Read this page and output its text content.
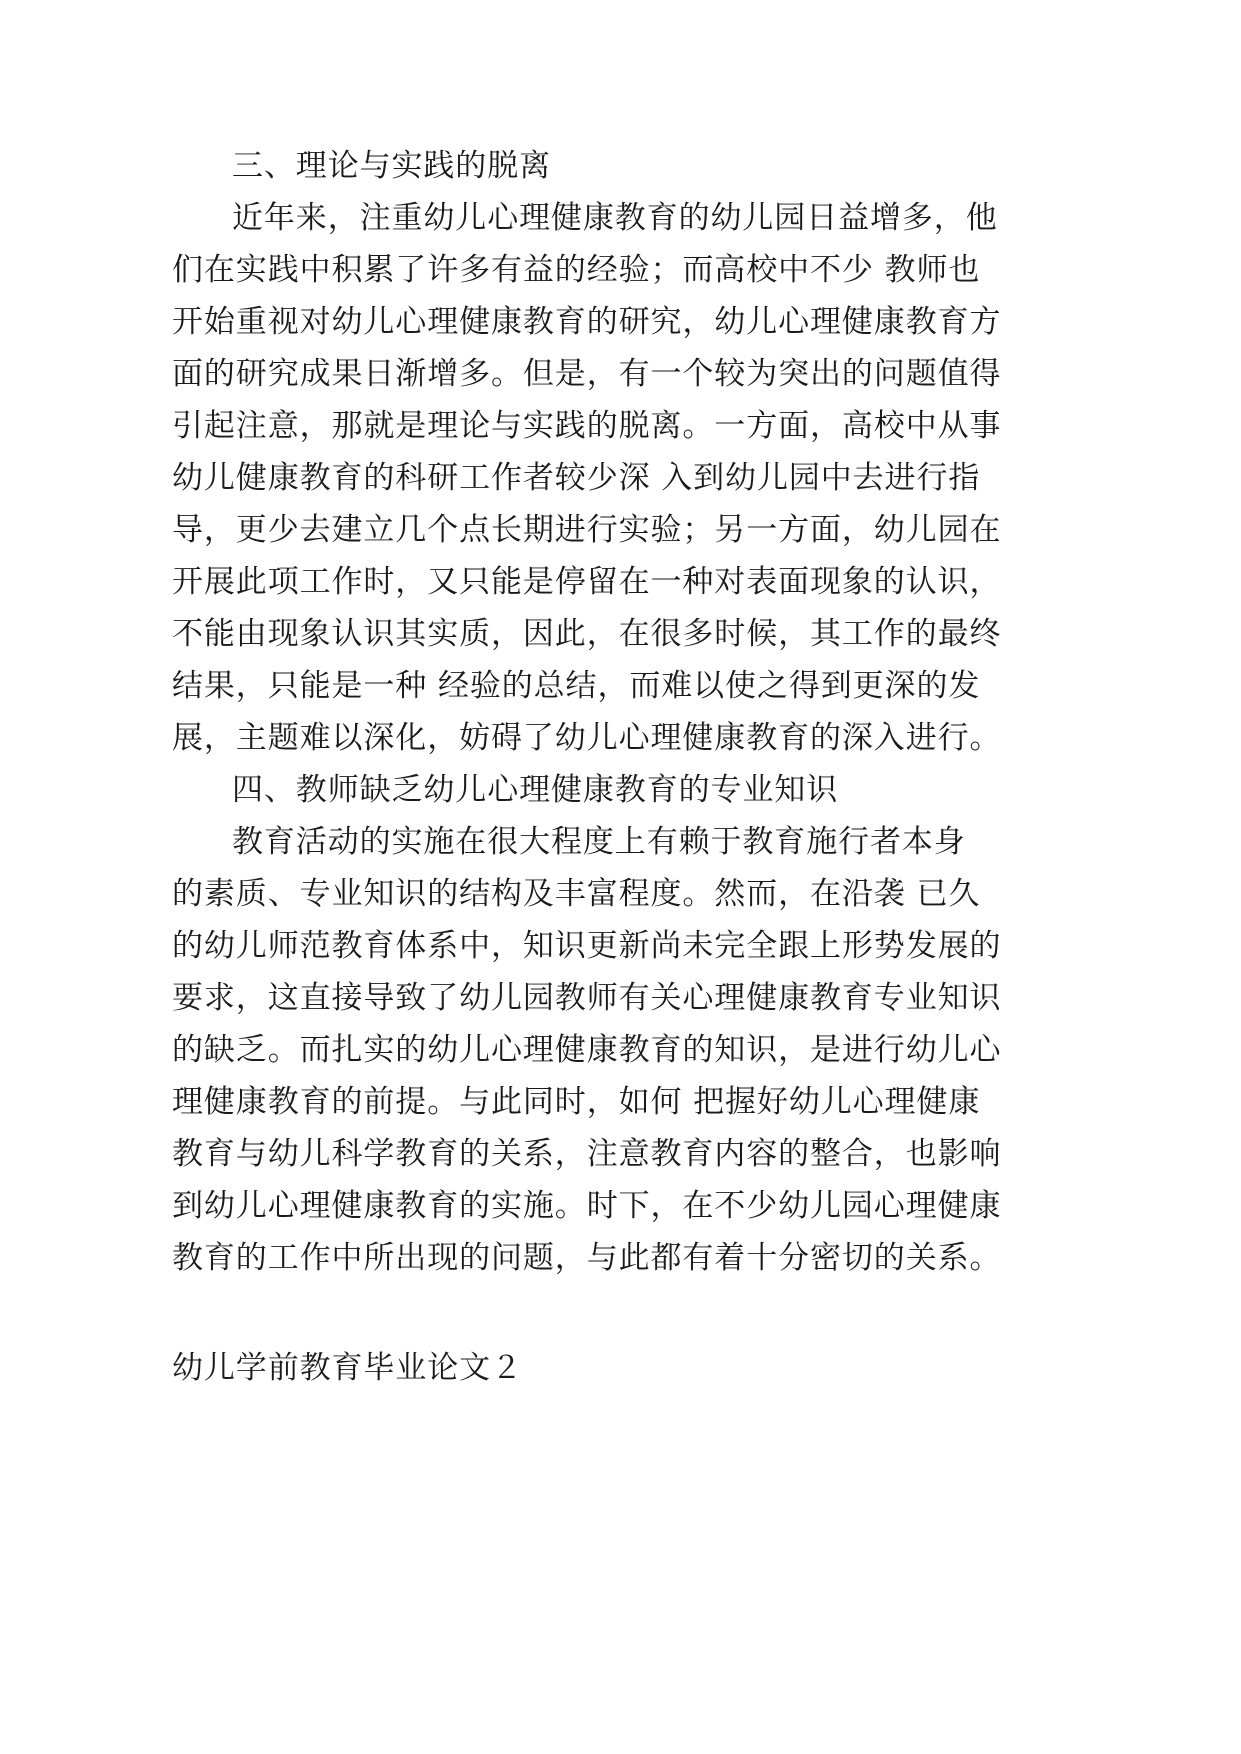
三、理论与实践的脱离

近年来，注重幼儿心理健康教育的幼儿园日益增多，他

们在实践中积累了许多有益的经验；而高校中不少 教师也

开始重视对幼儿心理健康教育的研究，幼儿心理健康教育方

面的研究成果日渐增多。但是，有一个较为突出的问题值得

引起注意，那就是理论与实践的脱离。一方面，高校中从事

幼儿健康教育的科研工作者较少深 入到幼儿园中去进行指

导，更少去建立几个点长期进行实验；另一方面，幼儿园在

开展此项工作时，又只能是停留在一种对表面现象的认识，

不能由现象认识其实质，因此，在很多时候，其工作的最终

结果，只能是一种 经验的总结，而难以使之得到更深的发

展，主题难以深化，妨碍了幼儿心理健康教育的深入进行。

四、教师缺乏幼儿心理健康教育的专业知识

教育活动的实施在很大程度上有赖于教育施行者本身

的素质、专业知识的结构及丰富程度。然而，在沿袭 已久

的幼儿师范教育体系中，知识更新尚未完全跟上形势发展的

要求，这直接导致了幼儿园教师有关心理健康教育专业知识

的缺乏。而扎实的幼儿心理健康教育的知识，是进行幼儿心

理健康教育的前提。与此同时，如何 把握好幼儿心理健康

教育与幼儿科学教育的关系，注意教育内容的整合，也影响

到幼儿心理健康教育的实施。时下，在不少幼儿园心理健康

教育的工作中所出现的问题，与此都有着十分密切的关系。

幼儿学前教育毕业论文２
